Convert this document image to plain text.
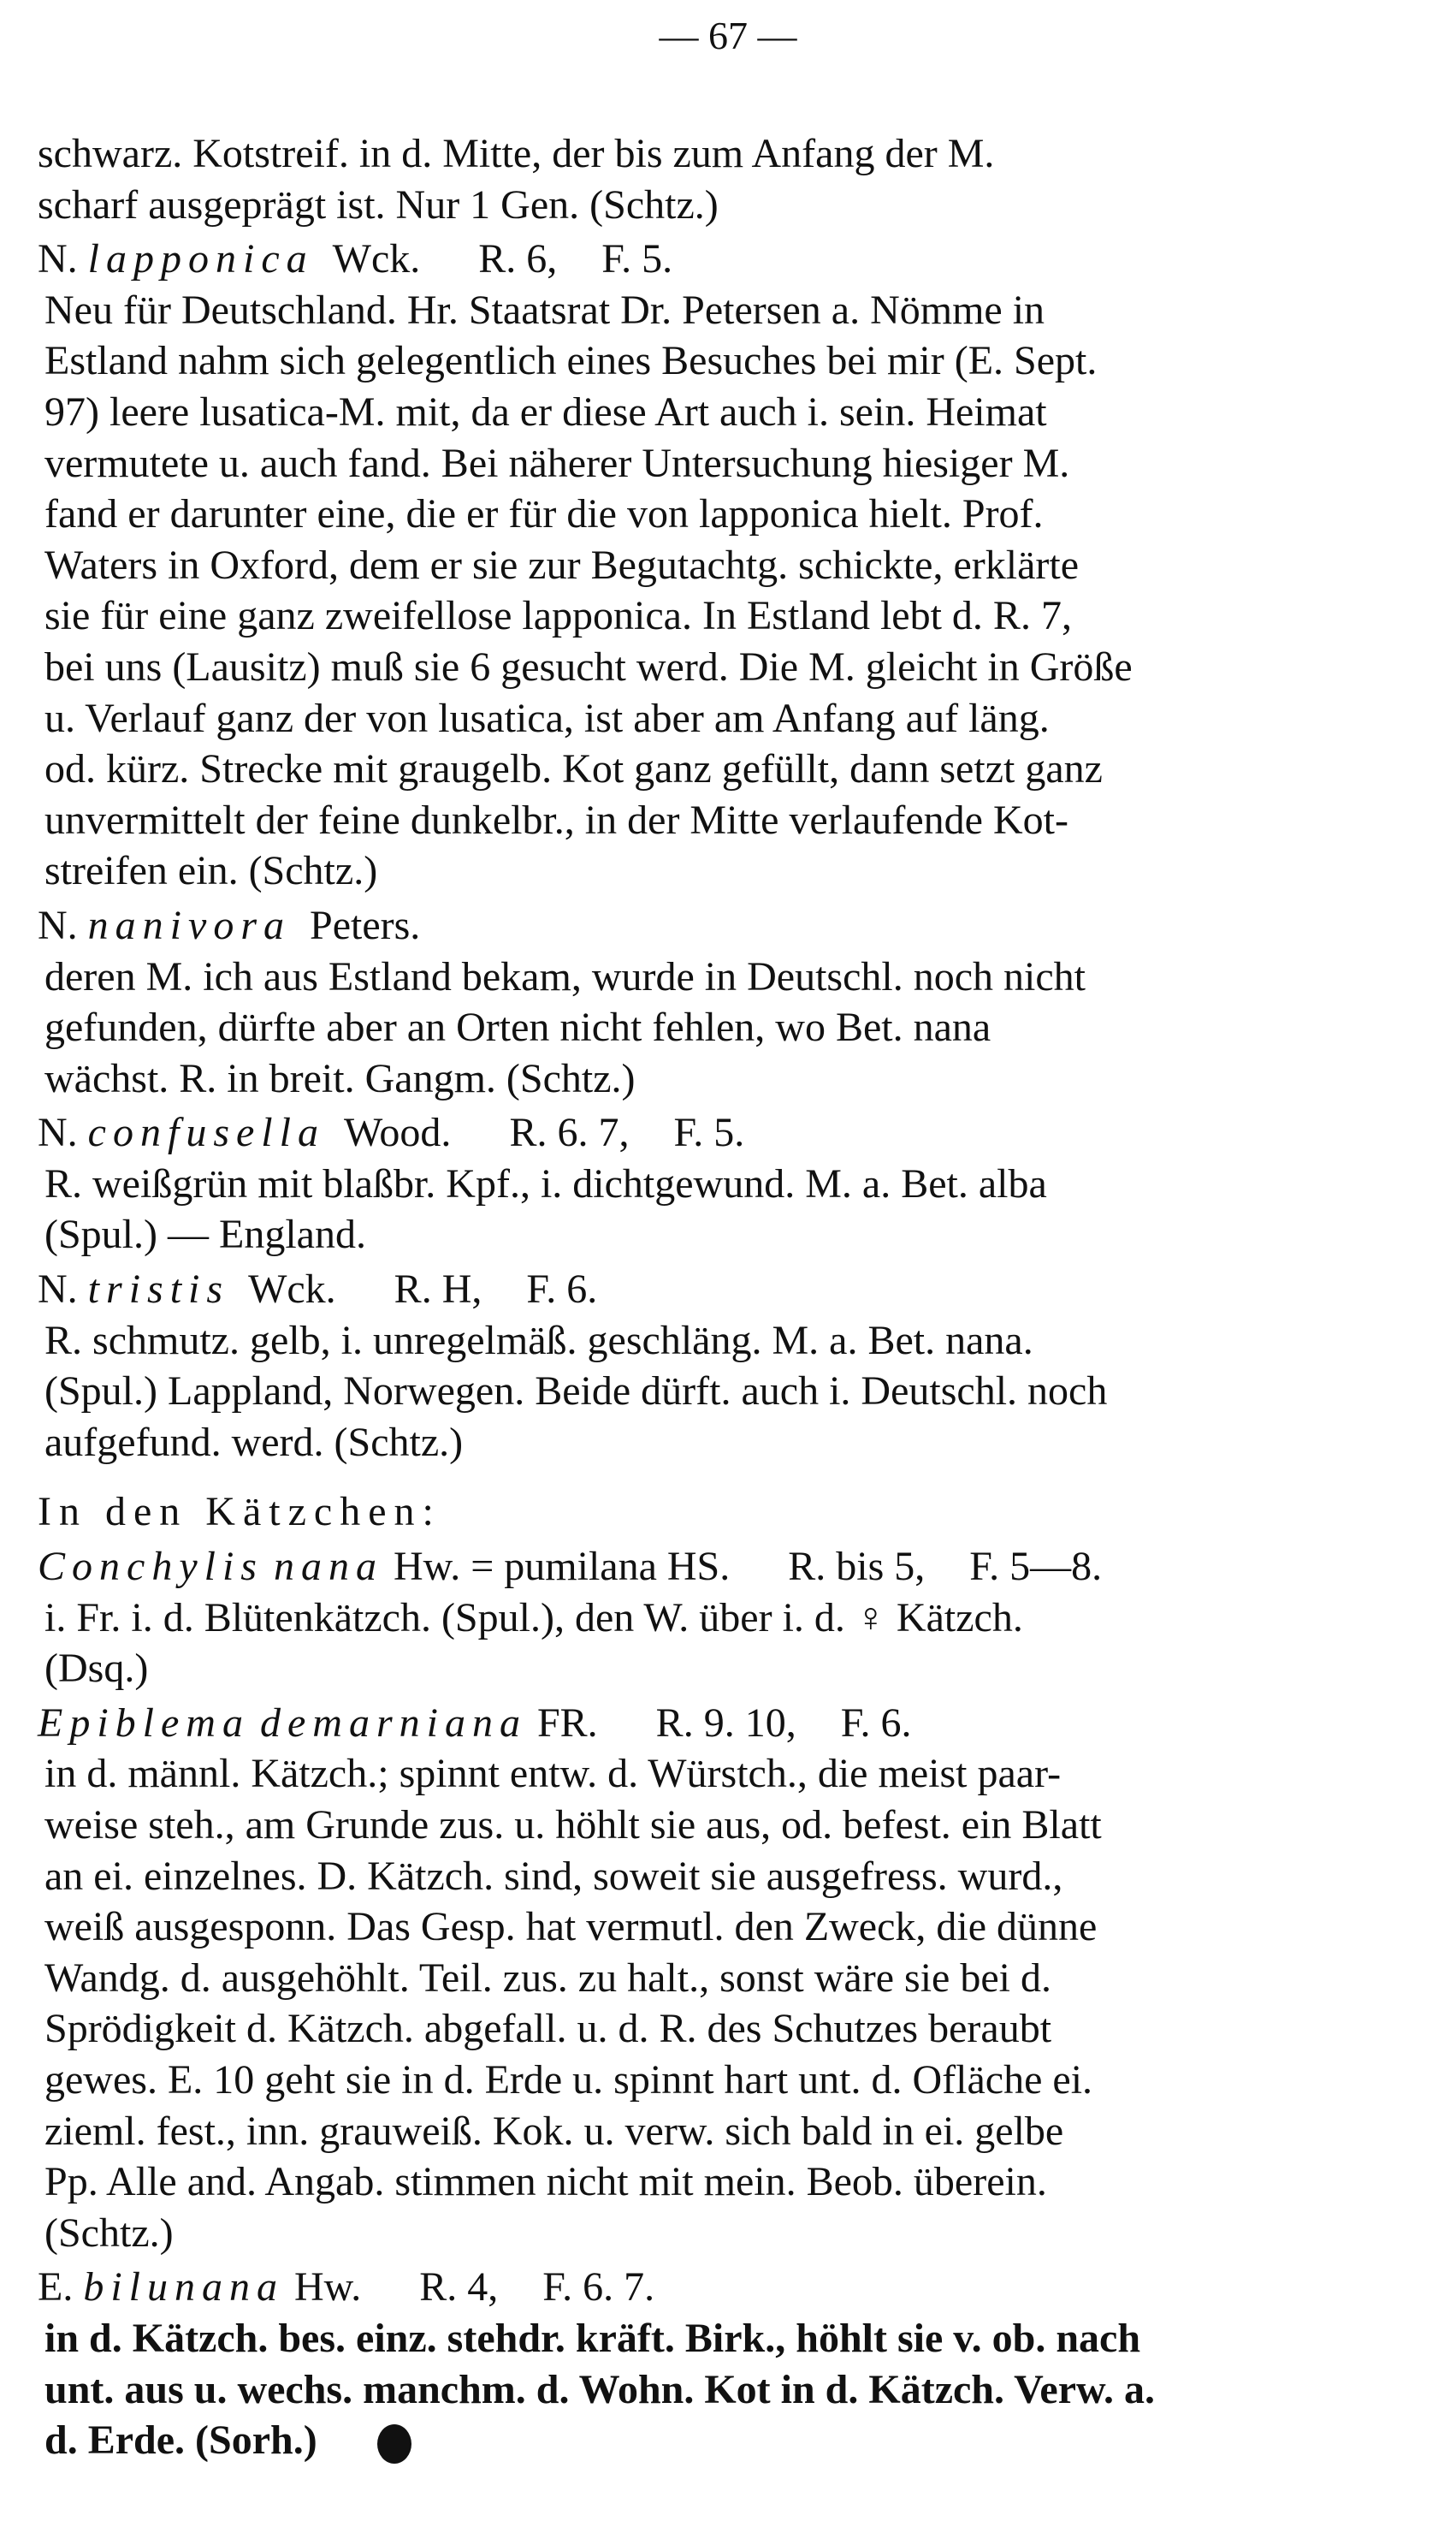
— 67 —
schwarz. Kotstreif. in d. Mitte, der bis zum Anfang der M.
scharf ausgeprägt ist. Nur 1 Gen. (Schtz.)
N. lapponica Wck. R. 6, F. 5.
Neu für Deutschland. Hr. Staatsrat Dr. Petersen a. Nömme in
Estland nahm sich gelegentlich eines Besuches bei mir (E. Sept.
97) leere lusatica-M. mit, da er diese Art auch i. sein. Heimat
vermutete u. auch fand. Bei näherer Untersuchung hiesiger M.
fand er darunter eine, die er für die von lapponica hielt. Prof.
Waters in Oxford, dem er sie zur Begutachtg. schickte, erklärte
sie für eine ganz zweifellose lapponica. In Estland lebt d. R. 7,
bei uns (Lausitz) muß sie 6 gesucht werd. Die M. gleicht in Größe
u. Verlauf ganz der von lusatica, ist aber am Anfang auf läng.
od. kürz. Strecke mit graugelb. Kot ganz gefüllt, dann setzt ganz
unvermittelt der feine dunkelbr., in der Mitte verlaufende Kot-
streifen ein. (Schtz.)
N. nanivora Peters.
deren M. ich aus Estland bekam, wurde in Deutschl. noch nicht
gefunden, dürfte aber an Orten nicht fehlen, wo Bet. nana
wächst. R. in breit. Gangm. (Schtz.)
N. confusella Wood. R. 6. 7, F. 5.
R. weißgrün mit blaßbr. Kpf., i. dichtgewund. M. a. Bet. alba
(Spul.) — England.
N. tristis Wck. R. H, F. 6.
R. schmutz. gelb, i. unregelmäß. geschläng. M. a. Bet. nana.
(Spul.) Lappland, Norwegen. Beide dürft. auch i. Deutschl. noch
aufgefund. werd. (Schtz.)
In den Kätzchen:
Conchylis nana Hw. = pumilana HS. R. bis 5, F. 5—8.
i. Fr. i. d. Blütenkätzch. (Spul.), den W. über i. d. ♀ Kätzch.
(Dsq.)
Epiblema demarniana FR. R. 9. 10, F. 6.
in d. männl. Kätzch.; spinnt entw. d. Würstch., die meist paar-
weise steh., am Grunde zus. u. höhlt sie aus, od. befest. ein Blatt
an ei. einzelnes. D. Kätzch. sind, soweit sie ausgefress. wurd.,
weiß ausgesponn. Das Gesp. hat vermutl. den Zweck, die dünne
Wandg. d. ausgehöhlt. Teil. zus. zu halt., sonst wäre sie bei d.
Sprödigkeit d. Kätzch. abgefall. u. d. R. des Schutzes beraubt
gewes. E. 10 geht sie in d. Erde u. spinnt hart unt. d. Ofläche ei.
zieml. fest., inn. grauweiß. Kok. u. verw. sich bald in ei. gelbe
Pp. Alle and. Angab. stimmen nicht mit mein. Beob. überein.
(Schtz.)
E. bilunana Hw. R. 4, F. 6. 7.
in d. Kätzch. bes. einz. stehdr. kräft. Birk., höhlt sie v. ob. nach
unt. aus u. wechs. manchm. d. Wohn. Kot in d. Kätzch. Verw. a.
d. Erde. (Sorh.)
